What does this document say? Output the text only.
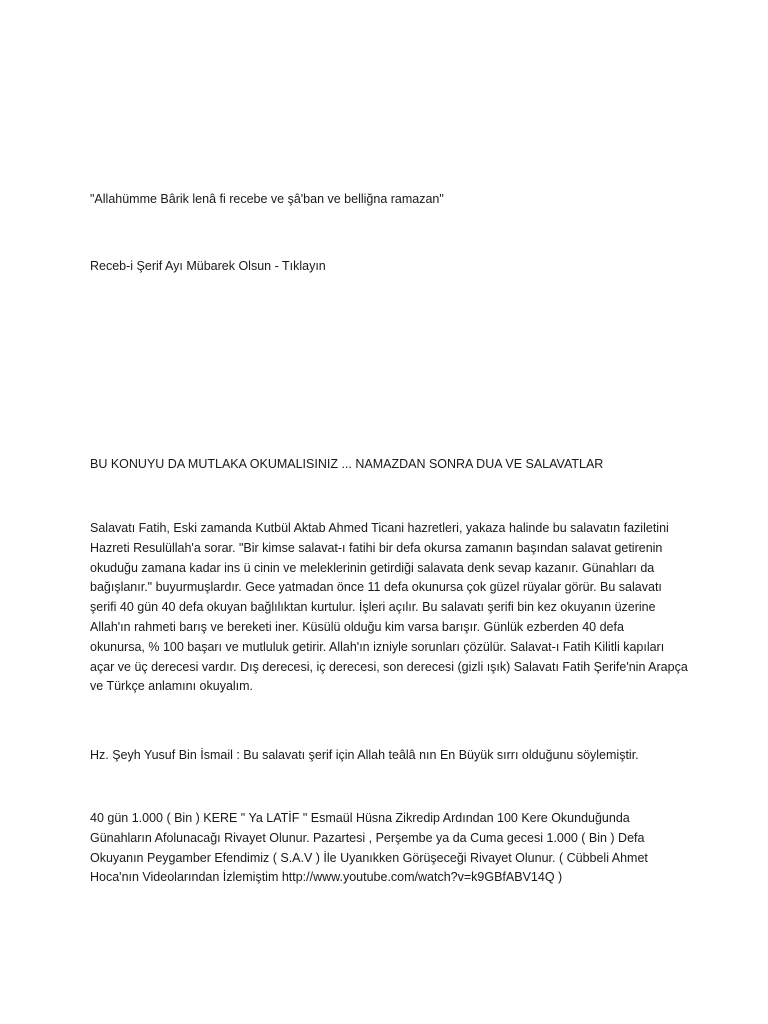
"Allahümme Bârik lenâ fi recebe ve şâ'ban ve belliğna ramazan"

Receb-i Şerif Ayı Mübarek Olsun - Tıklayın

BU KONUYU DA MUTLAKA OKUMALISINIZ ... NAMAZDAN SONRA DUA VE SALAVATLAR

Salavatı Fatih, Eski zamanda Kutbül Aktab Ahmed Ticani hazretleri, yakaza halinde bu salavatın faziletini
Hazreti Resulüllah'a sorar. "Bir kimse salavat-ı fatihi bir defa okursa zamanın başından salavat getirenin
okuduğu zamana kadar ins ü cinin ve meleklerinin getirdiği salavata denk sevap kazanır. Günahları da
bağışlanır." buyurmuşlardır. Gece yatmadan önce 11 defa okunursa çok güzel rüyalar görür. Bu salavatı
şerifi 40 gün 40 defa okuyan bağlılıktan kurtulur. İşleri açılır. Bu salavatı şerifi bin kez okuyanın üzerine
Allah'ın rahmeti barış ve bereketi iner. Küsülü olduğu kim varsa barışır. Günlük ezberden 40 defa
okunursa, % 100 başarı ve mutluluk getirir. Allah'ın izniyle sorunları çözülür. Salavat-ı Fatih Kilitli kapıları
açar ve üç derecesi vardır. Dış derecesi, iç derecesi, son derecesi (gizli ışık) Salavatı Fatih Şerife'nin Arapça
ve Türkçe anlamını okuyalım.

Hz. Şeyh Yusuf Bin İsmail : Bu salavatı şerif için Allah teâlâ nın En Büyük sırrı olduğunu söylemiştir.

40 gün 1.000 ( Bin ) KERE " Ya LATİF " Esmaül Hüsna Zikredip Ardından 100 Kere Okunduğunda
Günahların Afolunacağı Rivayet Olunur. Pazartesi , Perşembe ya da Cuma gecesi 1.000 ( Bin ) Defa
Okuyanın Peygamber Efendimiz ( S.A.V ) İle Uyanıkken Görüşeceği Rivayet Olunur. ( Cübbeli Ahmet
Hoca'nın Videolarından İzlemiştim http://www.youtube.com/watch?v=k9GBfABV14Q )
